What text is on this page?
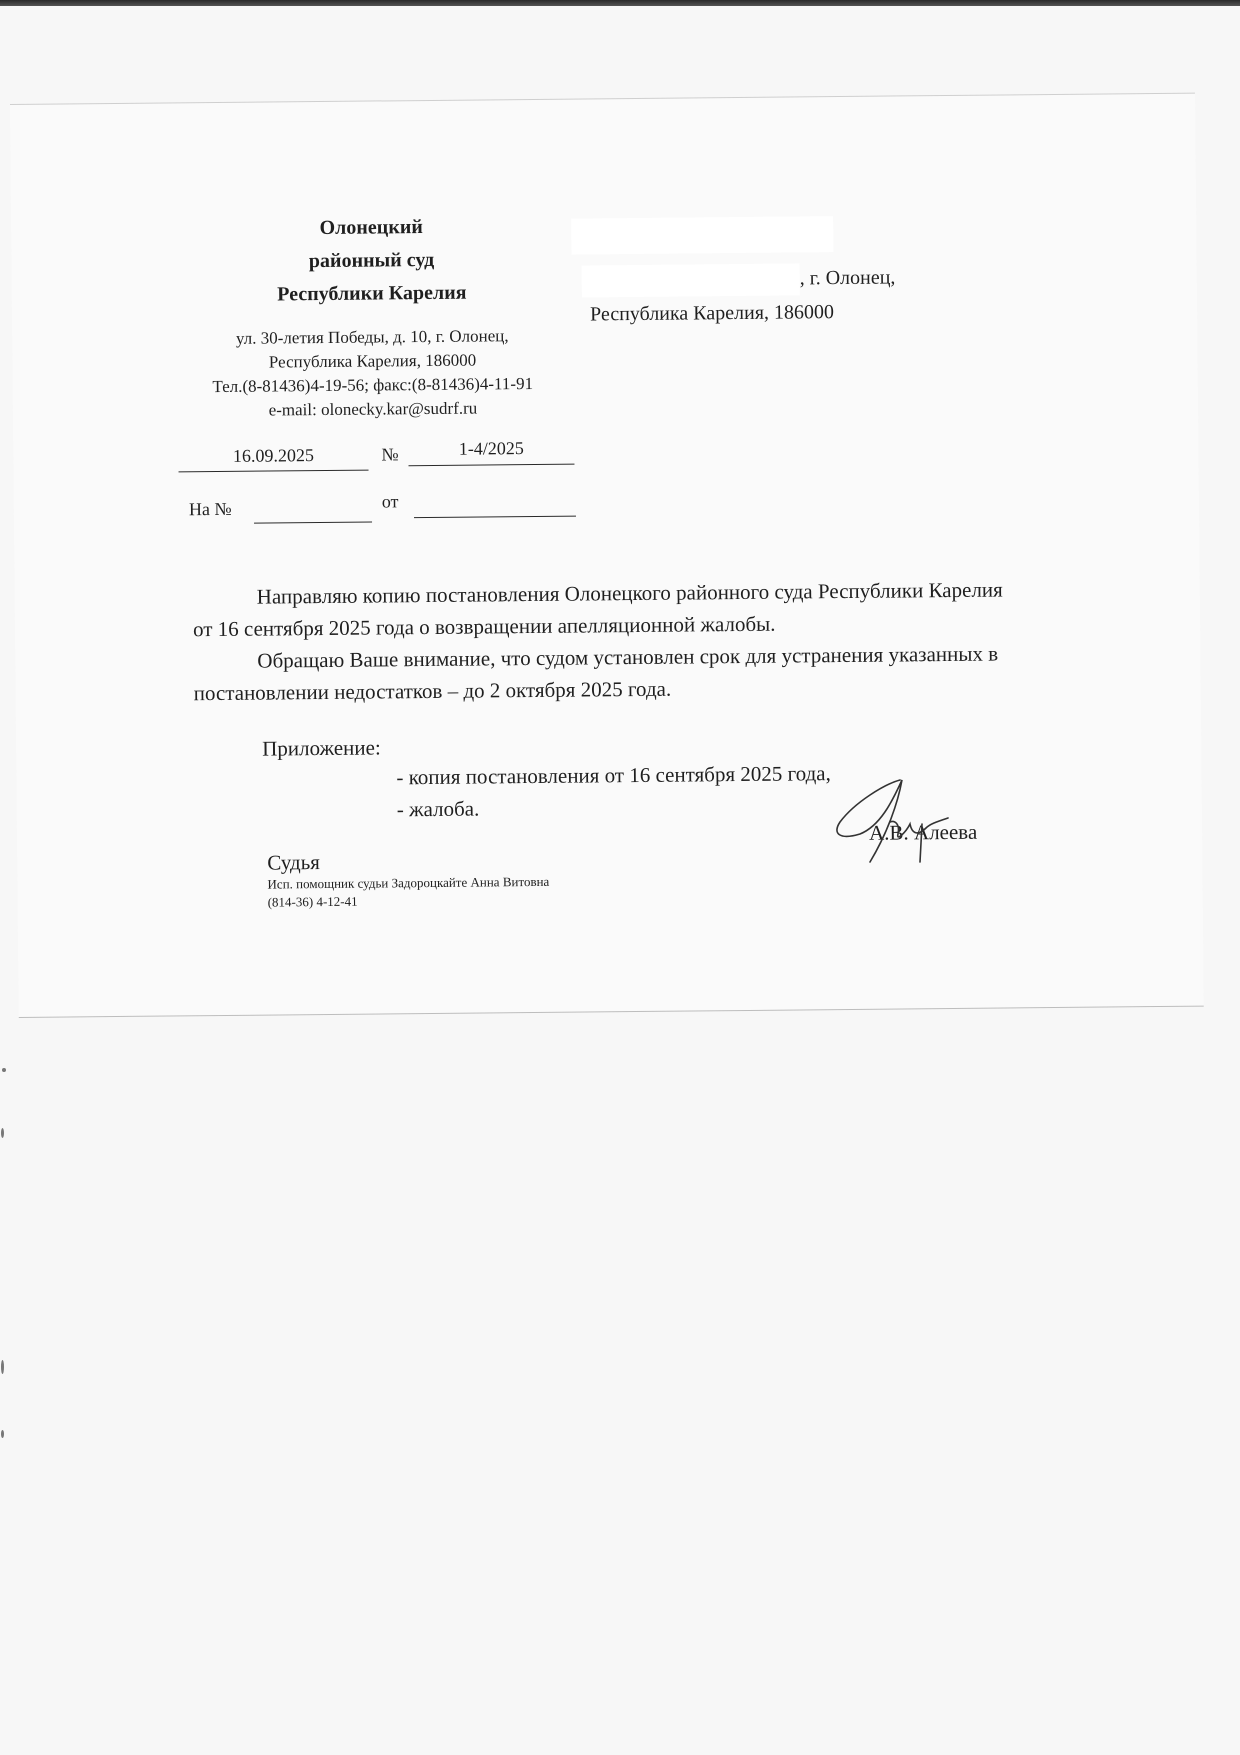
Олонецкий
районный суд
Республики Карелия
ул. 30-летия Победы, д. 10, г. Олонец,
Республика Карелия, 186000
Тел.(8-81436)4-19-56; факс:(8-81436)4-11-91
e-mail: olonecky.kar@sudrf.ru
, г. Олонец,
Республика Карелия, 186000
16.09.2025	№	1-4/2025
На №	от
Направляю копию постановления Олонецкого районного суда Республики Карелия
от 16 сентября 2025 года о возвращении апелляционной жалобы.
Обращаю Ваше внимание, что судом установлен срок для устранения указанных в
постановлении недостатков – до 2 октября 2025 года.
Приложение:
- копия постановления от 16 сентября 2025 года,
- жалоба.
Судья
А.В. Алеева
Исп. помощник судьи Задороцкайте Анна Витовна
(814-36) 4-12-41
